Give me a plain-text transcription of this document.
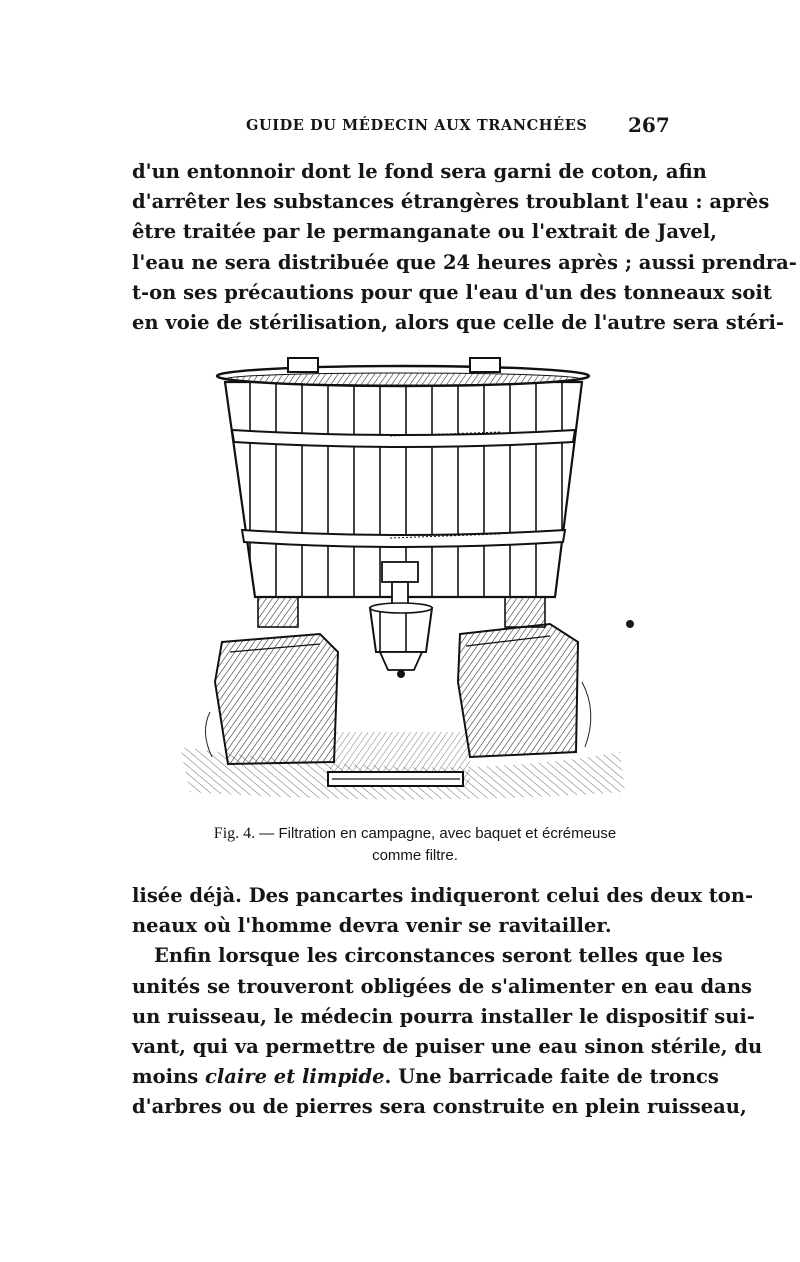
GUIDE DU MÉDECIN AUX TRANCHÉES 267
d'un entonnoir dont le fond sera garni de coton, afin
d'arrêter les substances étrangères troublant l'eau : après
être traitée par le permanganate ou l'extrait de Javel,
l'eau ne sera distribuée que 24 heures après ; aussi prendra-
t-on ses précautions pour que l'eau d'un des tonneaux soit
en voie de stérilisation, alors que celle de l'autre sera stéri-
Fig. 4. — Filtration en campagne, avec baquet et écrémeuse
comme filtre.
lisée déjà. Des pancartes indiqueront celui des deux ton-
neaux où l'homme devra venir se ravitailler.
Enfin lorsque les circonstances seront telles que les
unités se trouveront obligées de s'alimenter en eau dans
un ruisseau, le médecin pourra installer le dispositif sui-
vant, qui va permettre de puiser une eau sinon stérile, du
moins claire et limpide. Une barricade faite de troncs
d'arbres ou de pierres sera construite en plein ruisseau,
